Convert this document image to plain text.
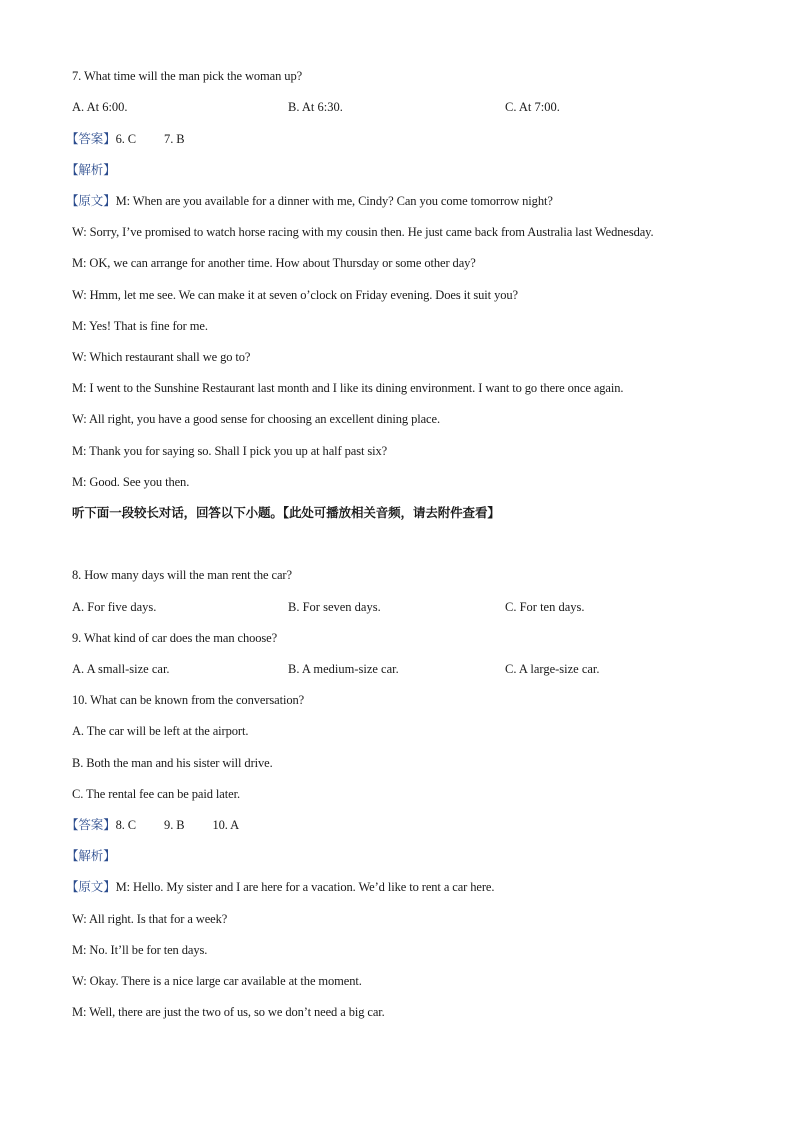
7. What time will the man pick the woman up?
A. At 6:00.	B. At 6:30.	C. At 7:00.
【答案】6. C 7. B
【解析】
【原文】M: When are you available for a dinner with me, Cindy? Can you come tomorrow night?
W: Sorry, I’ve promised to watch horse racing with my cousin then. He just came back from Australia last Wednesday.
M: OK, we can arrange for another time. How about Thursday or some other day?
W: Hmm, let me see. We can make it at seven o’clock on Friday evening. Does it suit you?
M: Yes! That is fine for me.
W: Which restaurant shall we go to?
M: I went to the Sunshine Restaurant last month and I like its dining environment. I want to go there once again.
W: All right, you have a good sense for choosing an excellent dining place.
M: Thank you for saying so. Shall I pick you up at half past six?
M: Good. See you then.
听下面一段较长对话，回答以下小题。【此处可播放相关音频，请去附件查看】
8. How many days will the man rent the car?
A. For five days.	B. For seven days.	C. For ten days.
9. What kind of car does the man choose?
A. A small-size car.	B. A medium-size car.	C. A large-size car.
10. What can be known from the conversation?
A. The car will be left at the airport.
B. Both the man and his sister will drive.
C. The rental fee can be paid later.
【答案】8. C 9. B 10. A
【解析】
【原文】M: Hello. My sister and I are here for a vacation. We’d like to rent a car here.
W: All right. Is that for a week?
M: No. It’ll be for ten days.
W: Okay. There is a nice large car available at the moment.
M: Well, there are just the two of us, so we don’t need a big car.
